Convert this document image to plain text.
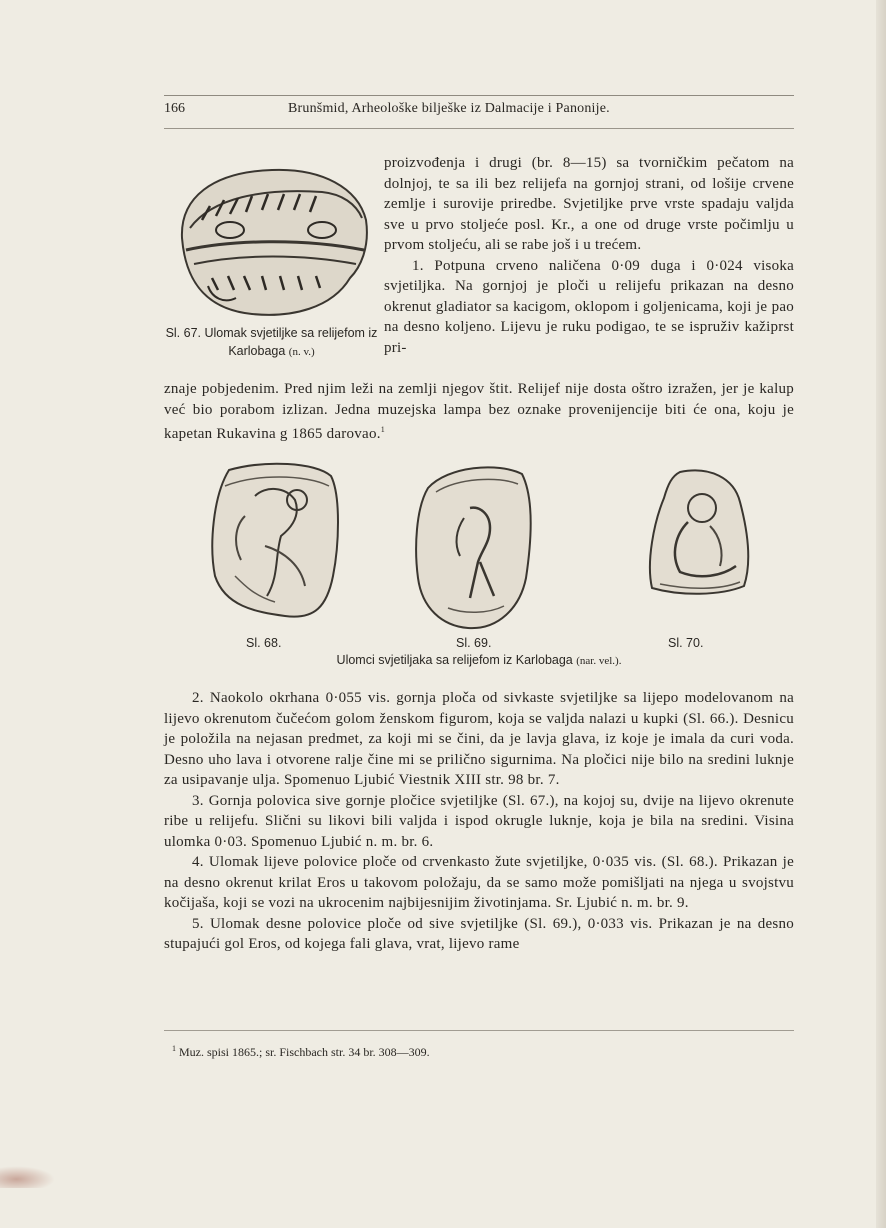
166	Brunšmid, Arheološke bilješke iz Dalmacije i Panonije.
Sl. 67. Ulomak svjetiljke sa relijefom iz Karlobaga (n. v.)

proizvođenja i drugi (br. 8—15) sa tvorničkim pečatom na dolnjoj, te sa ili bez relijefa na gornjoj strani, od lošije crvene zemlje i surovije priredbe. Svjetiljke prve vrste spadaju valjda sve u prvo stoljeće posl. Kr., a one od druge vrste počimlju u prvom stoljeću, ali se rabe još i u trećem.

1. Potpuna crveno naličena 0·09 duga i 0·024 visoka svjetiljka. Na gornjoj je ploči u relijefu prikazan na desno okrenut gladiator sa kacigom, oklopom i goljenicama, koji je pao na desno koljeno. Lijevu je ruku podigao, te se ispruživ kažiprst pri-

znaje pobjedenim. Pred njim leži na zemlji njegov štit. Relijef nije dosta oštro izražen, jer je kalup već bio porabom izlizan. Jedna muzejska lampa bez oznake provenijencije biti će ona, koju je kapetan Rukavina g 1865 darovao.$^1$

Sl. 68.	Sl. 69.	Sl. 70.
Ulomci svjetiljaka sa relijefom iz Karlobaga (nar. vel.).

2. Naokolo okrhana 0·055 vis. gornja ploča od sivkaste svjetiljke sa lijepo modelovanom na lijevo okrenutom čučećom golom ženskom figurom, koja se valjda nalazi u kupki (Sl. 66.). Desnicu je položila na nejasan predmet, za koji mi se čini, da je lavja glava, iz koje je imala da curi voda. Desno uho lava i otvorene ralje čine mi se prilično sigurnima. Na pločici nije bilo na sredini luknje za usipavanje ulja. Spomenuo Ljubić Viestnik XIII str. 98 br. 7.

3. Gornja polovica sive gornje pločice svjetiljke (Sl. 67.), na kojoj su, dvije na lijevo okrenute ribe u relijefu. Slični su likovi bili valjda i ispod okrugle luknje, koja je bila na sredini. Visina ulomka 0·03. Spomenuo Ljubić n. m. br. 6.

4. Ulomak lijeve polovice ploče od crvenkasto žute svjetiljke, 0·035 vis. (Sl. 68.). Prikazan je na desno okrenut krilat Eros u takovom položaju, da se samo može pomišljati na njega u svojstvu kočijaša, koji se vozi na ukrocenim najbijesnijim životinjama. Sr. Ljubić n. m. br. 9.

5. Ulomak desne polovice ploče od sive svjetiljke (Sl. 69.), 0·033 vis. Prikazan je na desno stupajući gol Eros, od kojega fali glava, vrat, lijevo rame

$^1$ Muz. spisi 1865.; sr. Fischbach str. 34 br. 308—309.
